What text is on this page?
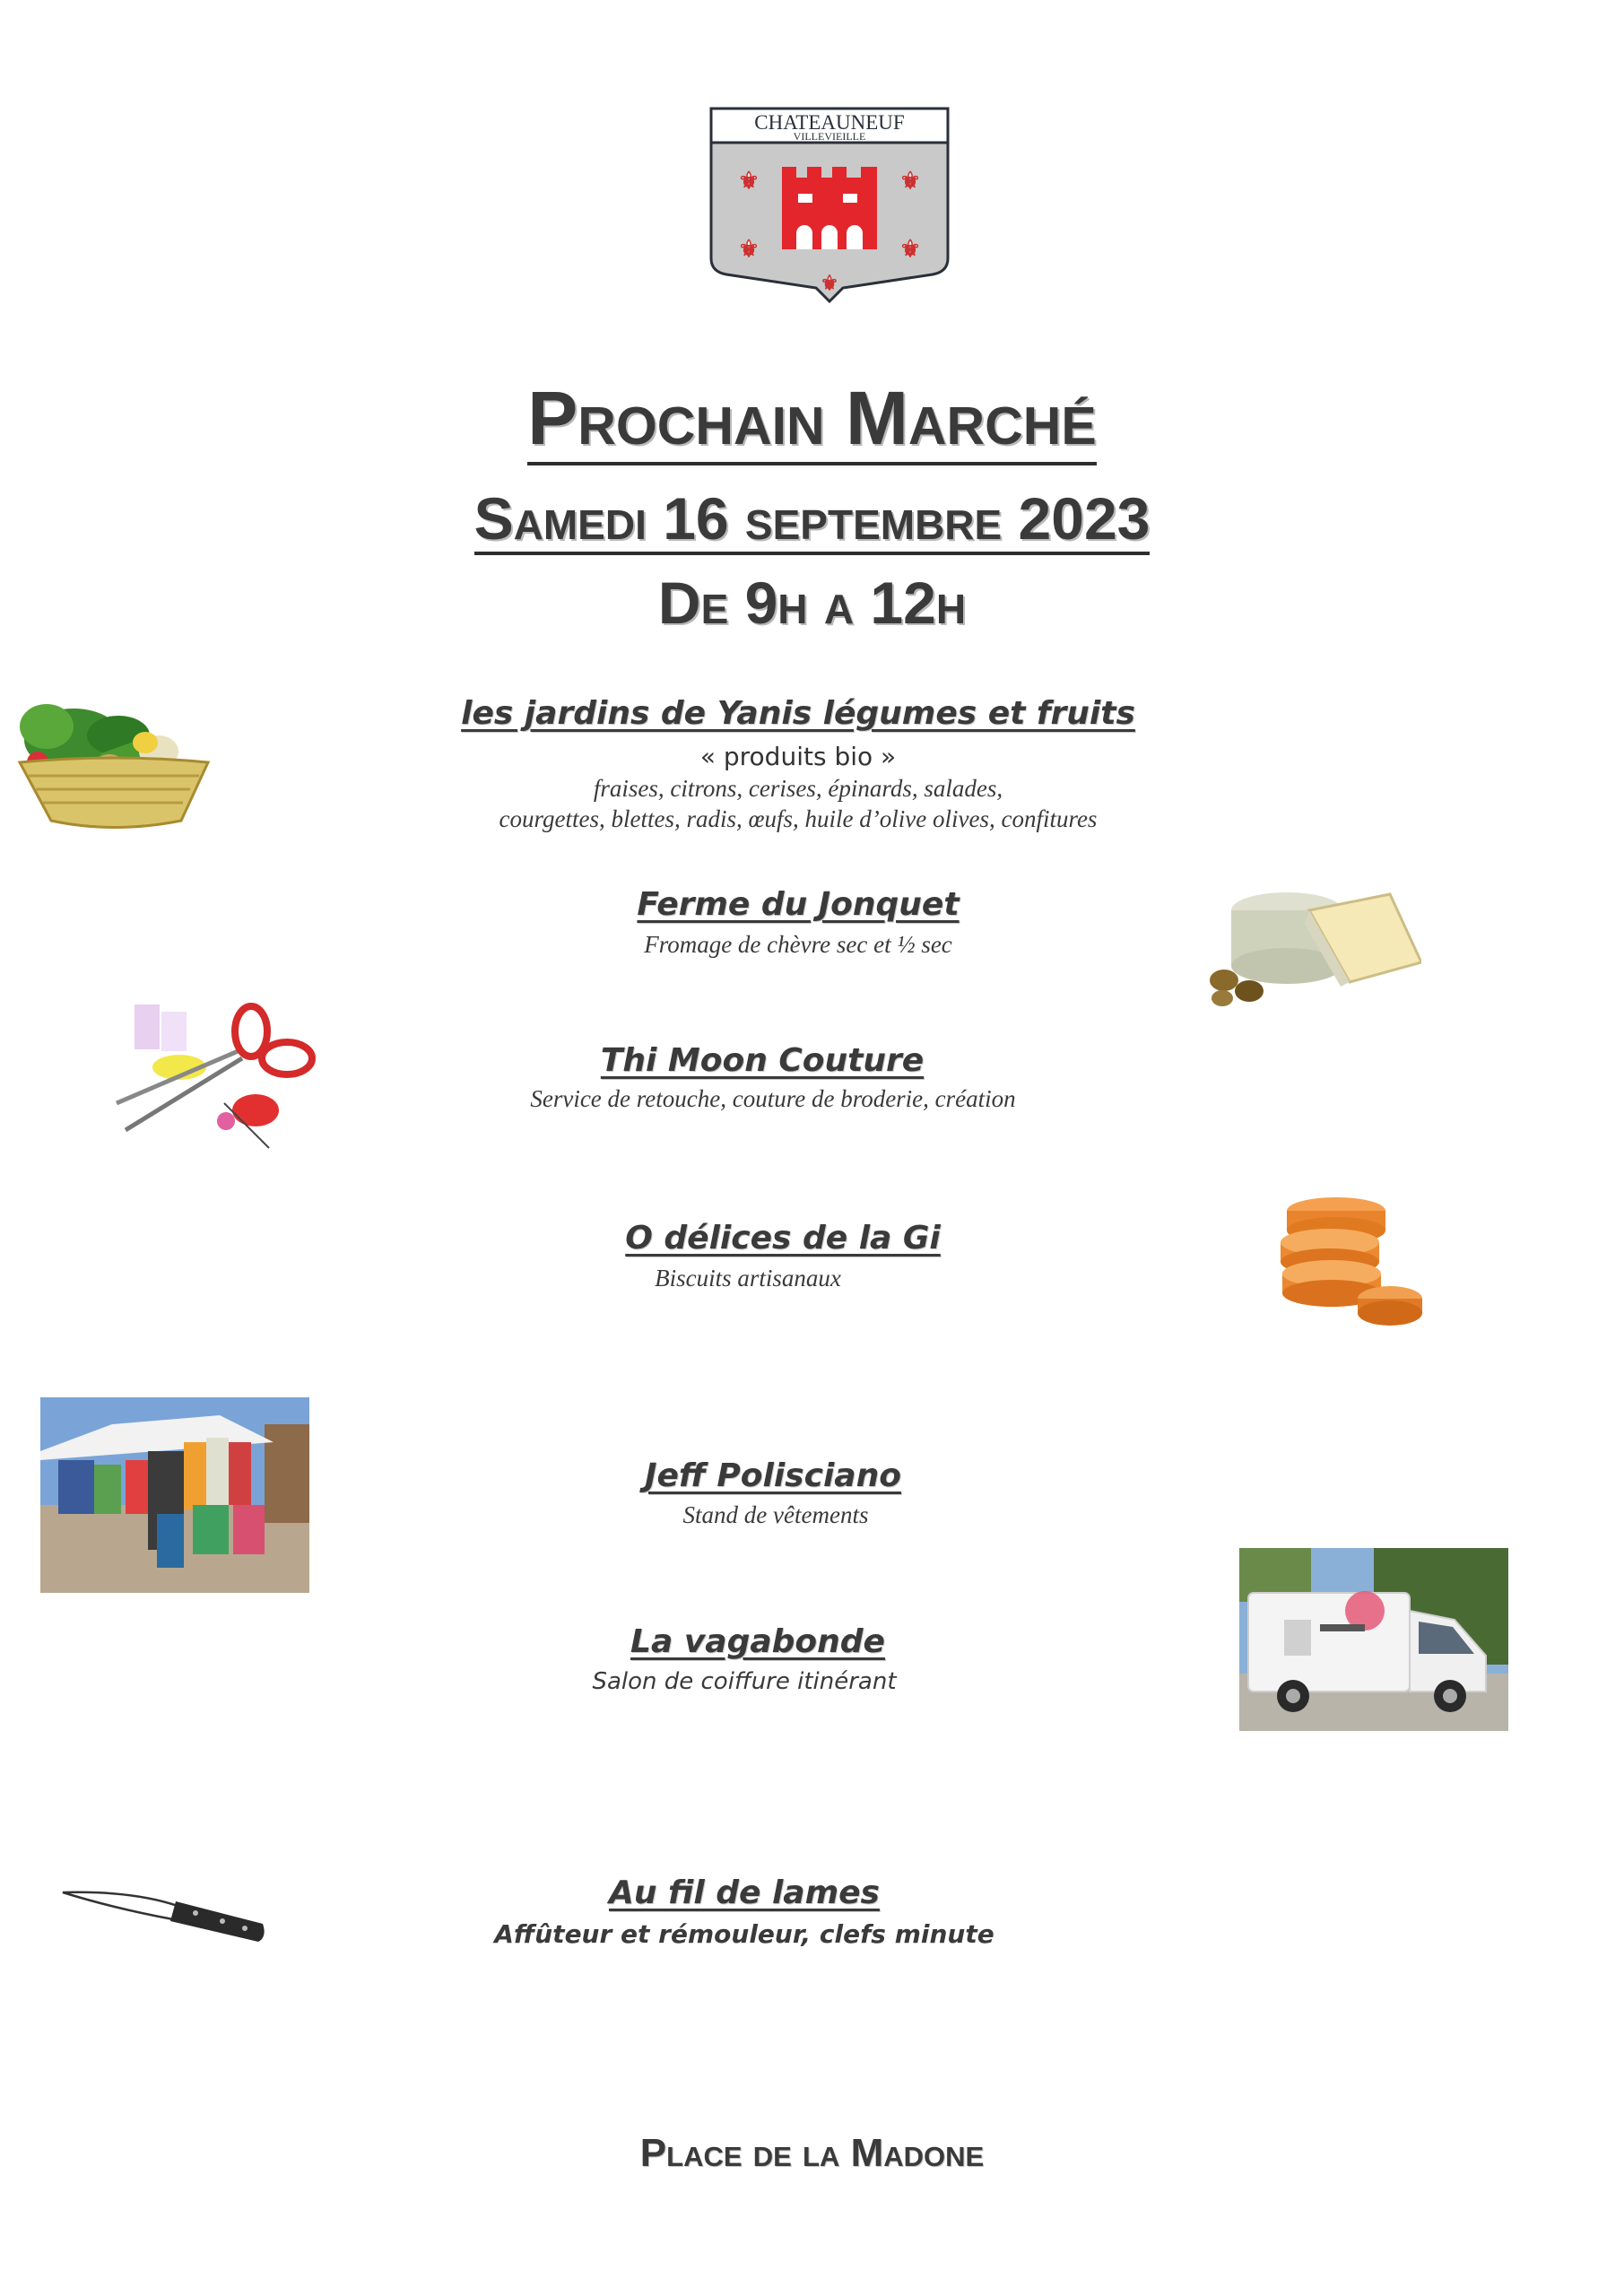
CHATEAUNEUF
VILLEVIEILLE
⚜	⚜
⚜	⚜
⚜
Prochain Marché
Samedi 16 septembre 2023
De 9h a 12h
les jardins de Yanis légumes et fruits
« produits bio »
fraises, citrons, cerises, épinards, salades,
courgettes, blettes, radis, œufs, huile d’olive olives, confitures
Ferme du Jonquet
Fromage de chèvre sec et ½ sec
Thi Moon Couture
Service de retouche, couture de broderie, création
O délices de la Gi
Biscuits artisanaux
Jeff Polisciano
Stand de vêtements
La vagabonde
Salon de coiffure itinérant
Au fil de lames
Affûteur et rémouleur, clefs minute
Place de la Madone
